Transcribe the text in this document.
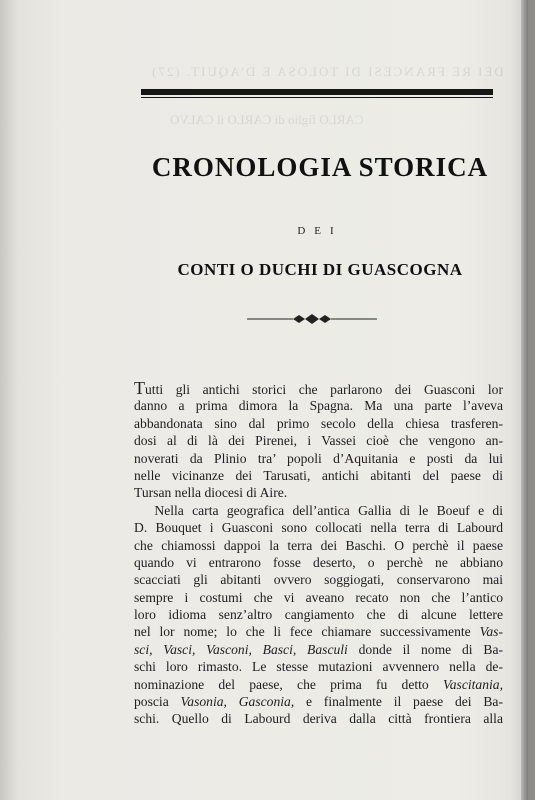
DEI RE FRANCESI DI TOLOSA E D'AQUIT. (27)
CARLO figlio di CARLO il CALVO
CRONOLOGIA STORICA
DEI
CONTI O DUCHI DI GUASCOGNA
Tutti gli antichi storici che parlarono dei Guasconi lor
danno a prima dimora la Spagna. Ma una parte l’aveva
abbandonata sino dal primo secolo della chiesa trasferen-
dosi al di là dei Pirenei, i Vassei cioè che vengono an-
noverati da Plinio tra’ popoli d’Aquitania e posti da lui
nelle vicinanze dei Tarusati, antichi abitanti del paese di
Tursan nella diocesi di Aire.
Nella carta geografica dell’antica Gallia di le Boeuf e di
D. Bouquet i Guasconi sono collocati nella terra di Labourd
che chiamossi dappoi la terra dei Baschi. O perchè il paese
quando vi entrarono fosse deserto, o perchè ne abbiano
scacciati gli abitanti ovvero soggiogati, conservarono mai
sempre i costumi che vi aveano recato non che l’antico
loro idioma senz’altro cangiamento che di alcune lettere
nel lor nome; lo che li fece chiamare successivamente Vas-
sci, Vasci, Vasconi, Basci, Basculi donde il nome di Ba-
schi loro rimasto. Le stesse mutazioni avvennero nella de-
nominazione del paese, che prima fu detto Vascitania,
poscia Vasonia, Gasconia, e finalmente il paese dei Ba-
schi. Quello di Labourd deriva dalla città frontiera alla
